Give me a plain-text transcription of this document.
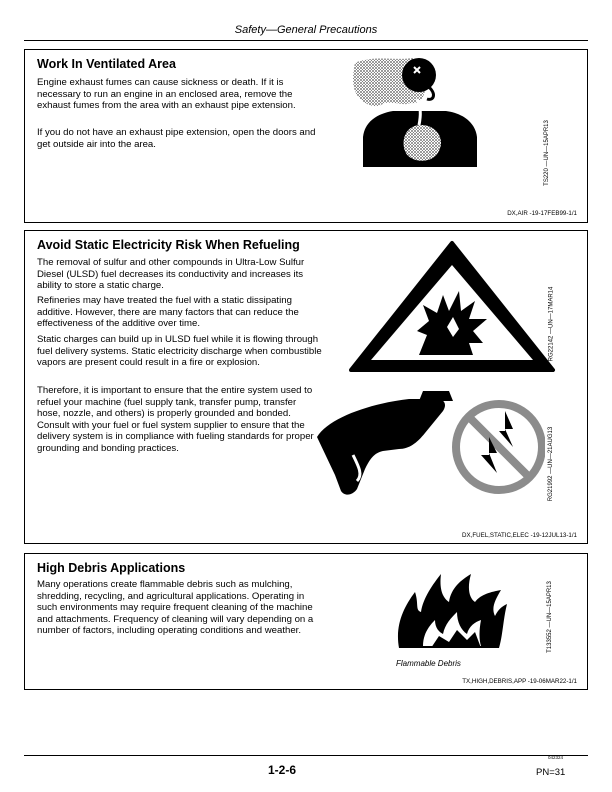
Safety—General Precautions
Work In Ventilated Area

Engine exhaust fumes can cause sickness or death. If it is necessary to run an engine in an enclosed area, remove the exhaust fumes from the area with an exhaust pipe extension.

If you do not have an exhaust pipe extension, open the doors and get outside air into the area.	TS220 —UN—15APR13
DX,AIR -19-17FEB99-1/1
Avoid Static Electricity Risk When Refueling

The removal of sulfur and other compounds in Ultra-Low Sulfur Diesel (ULSD) fuel decreases its conductivity and increases its ability to store a static charge.

Refineries may have treated the fuel with a static dissipating additive. However, there are many factors that can reduce the effectiveness of the additive over time.

Static charges can build up in ULSD fuel while it is flowing through fuel delivery systems. Static electricity discharge when combustible vapors are present could result in a fire or explosion.

Therefore, it is important to ensure that the entire system used to refuel your machine (fuel supply tank, transfer pump, transfer hose, nozzle, and others) is properly grounded and bonded. Consult with your fuel or fuel system supplier to ensure that the delivery system is in compliance with fueling standards for proper grounding and bonding practices.

RG22142 —UN—17MAR14
RG21992 —UN—21AUG13
DX,FUEL,STATIC,ELEC -19-12JUL13-1/1
High Debris Applications

Many operations create flammable debris such as mulching, shredding, recycling, and agricultural applications. Operating in such environments may require frequent cleaning of the machine and attachments. Frequency of cleaning will vary depending on a number of factors, including operating conditions and weather.

Flammable Debris
T133552 —UN—15APR13
TX,HIGH,DEBRIS,APP -19-06MAR22-1/1
1-2-6
042324
PN=31
